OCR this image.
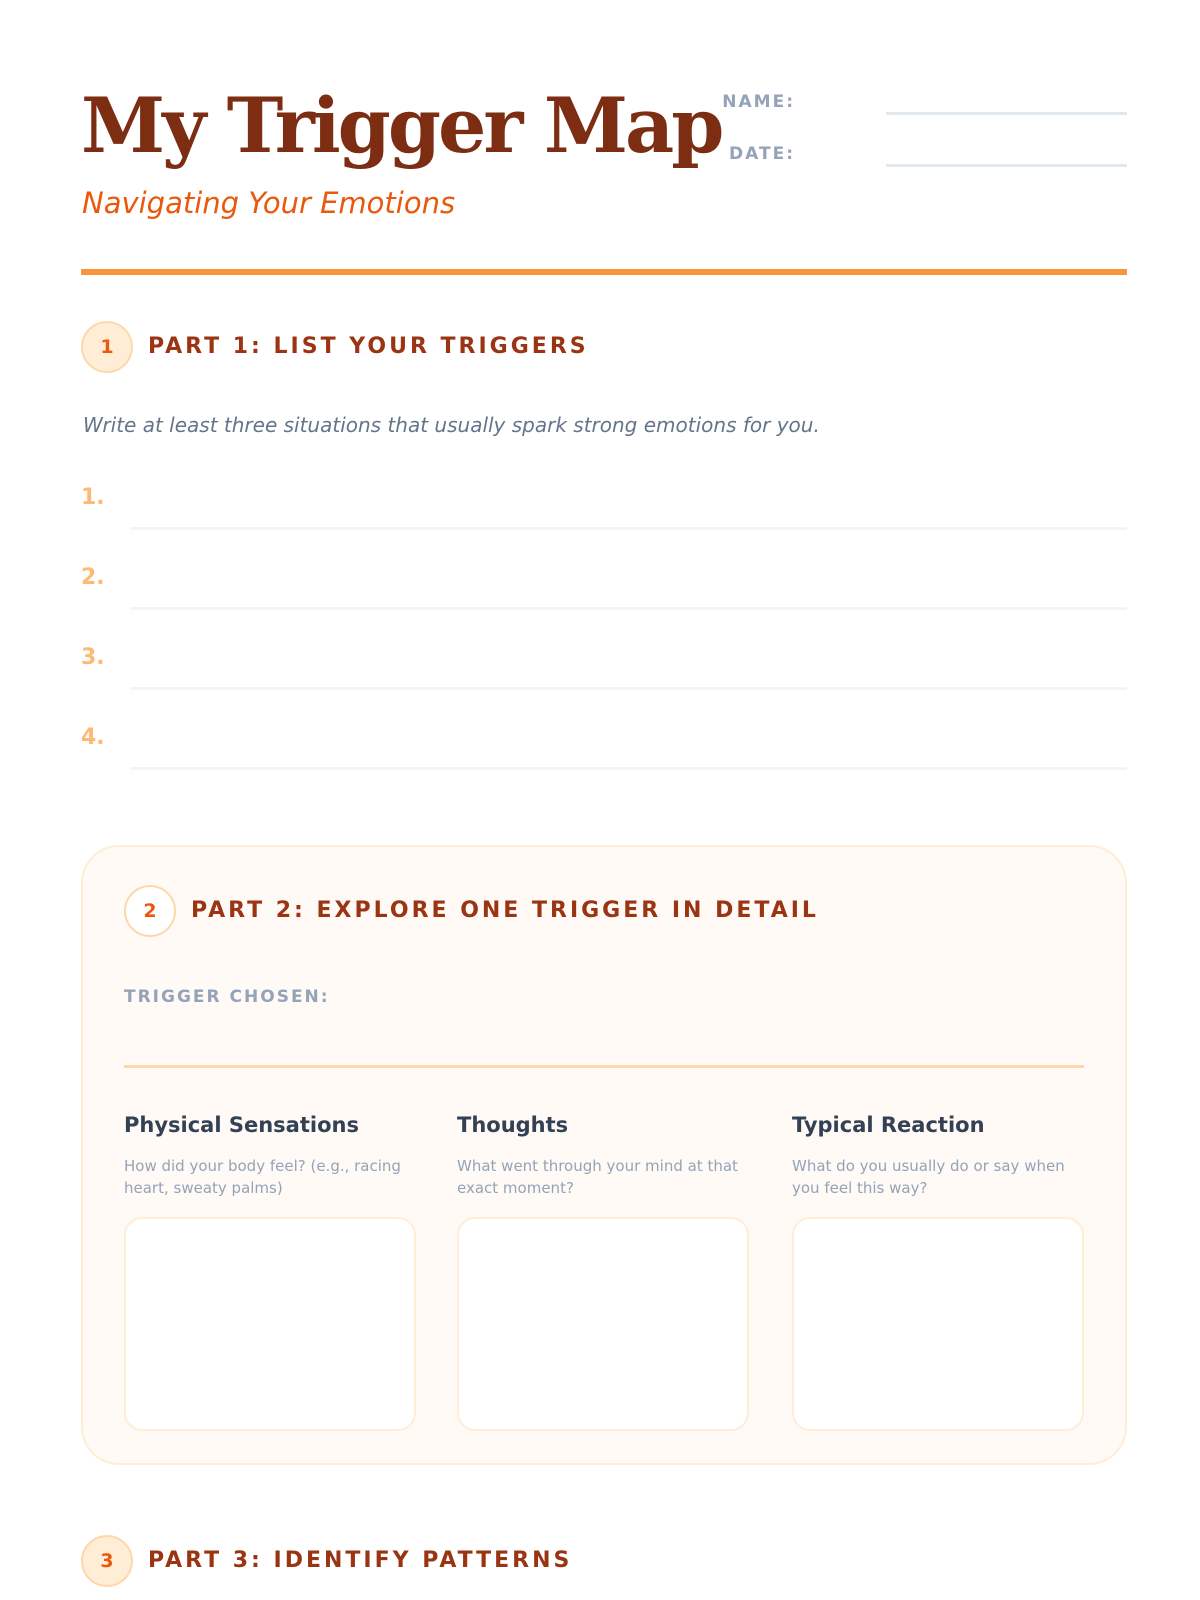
My Trigger Map
Navigating Your Emotions
NAME:
DATE:
1	PART 1: LIST YOUR TRIGGERS
Write at least three situations that usually spark strong emotions for you.
1.
2.
3.
4.
2	PART 2: EXPLORE ONE TRIGGER IN DETAIL
TRIGGER CHOSEN:
Physical Sensations
How did your body feel? (e.g., racing heart, sweaty palms)
Thoughts
What went through your mind at that exact moment?
Typical Reaction
What do you usually do or say when you feel this way?
3	PART 3: IDENTIFY PATTERNS
